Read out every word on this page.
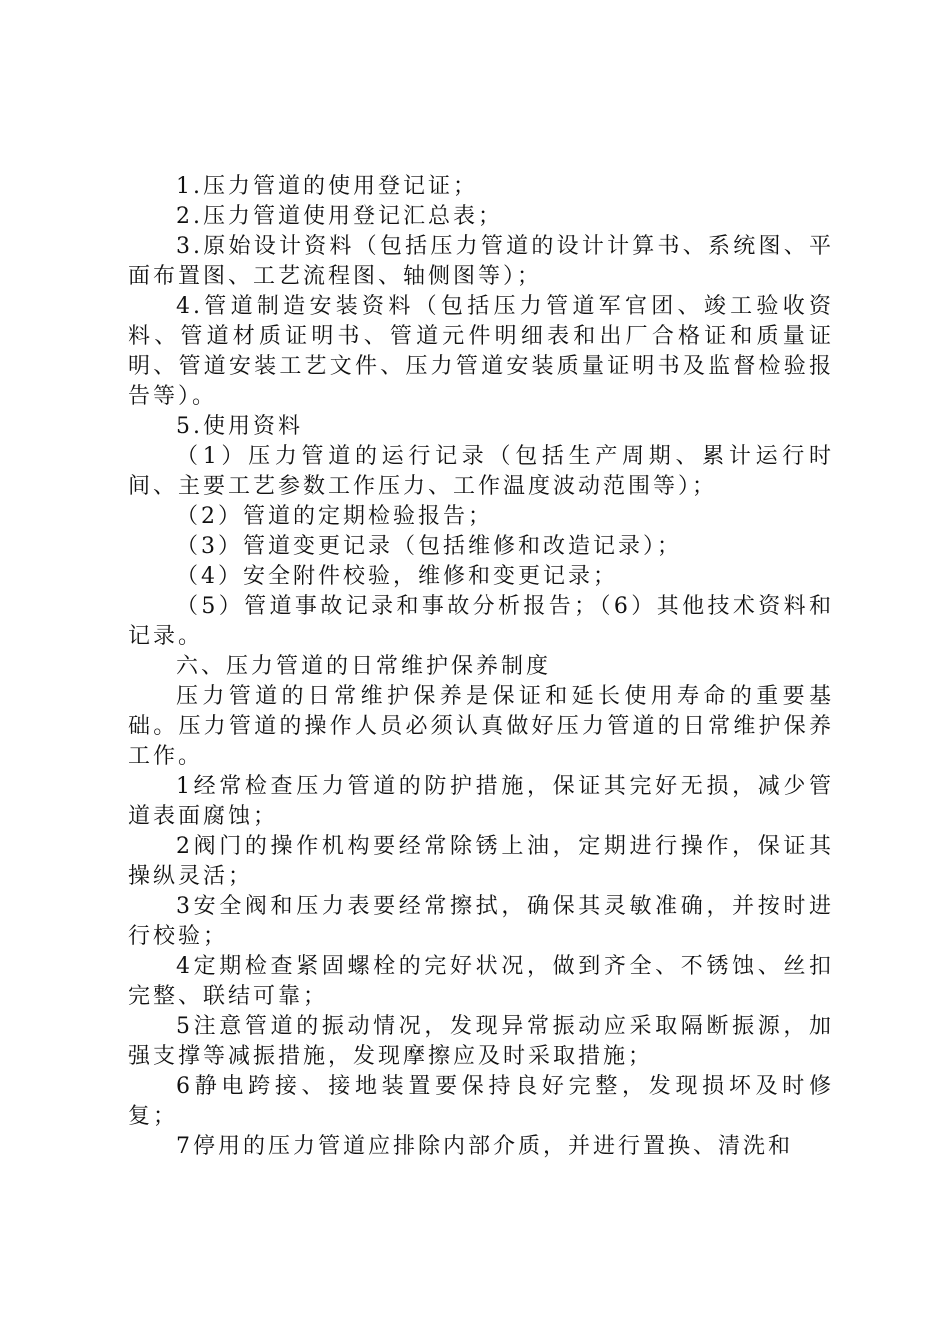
1.压力管道的使用登记证；

2.压力管道使用登记汇总表；

3.原始设计资料（包括压力管道的设计计算书、系统图、平面布置图、工艺流程图、轴侧图等）；

4.管道制造安装资料（包括压力管道军官团、竣工验收资料、管道材质证明书、管道元件明细表和出厂合格证和质量证明、管道安装工艺文件、压力管道安装质量证明书及监督检验报告等）。

5.使用资料

（1）压力管道的运行记录（包括生产周期、累计运行时间、主要工艺参数工作压力、工作温度波动范围等）；

（2）管道的定期检验报告；

（3）管道变更记录（包括维修和改造记录）；

（4）安全附件校验，维修和变更记录；

（5）管道事故记录和事故分析报告；（6）其他技术资料和记录。

六、压力管道的日常维护保养制度

压力管道的日常维护保养是保证和延长使用寿命的重要基础。压力管道的操作人员必须认真做好压力管道的日常维护保养工作。

1经常检查压力管道的防护措施，保证其完好无损，减少管道表面腐蚀；

2阀门的操作机构要经常除锈上油，定期进行操作，保证其操纵灵活；

3安全阀和压力表要经常擦拭，确保其灵敏准确，并按时进行校验；

4定期检查紧固螺栓的完好状况，做到齐全、不锈蚀、丝扣完整、联结可靠；

5注意管道的振动情况，发现异常振动应采取隔断振源，加强支撑等减振措施，发现摩擦应及时采取措施；

6静电跨接、接地装置要保持良好完整，发现损坏及时修复；

7停用的压力管道应排除内部介质，并进行置换、清洗和
